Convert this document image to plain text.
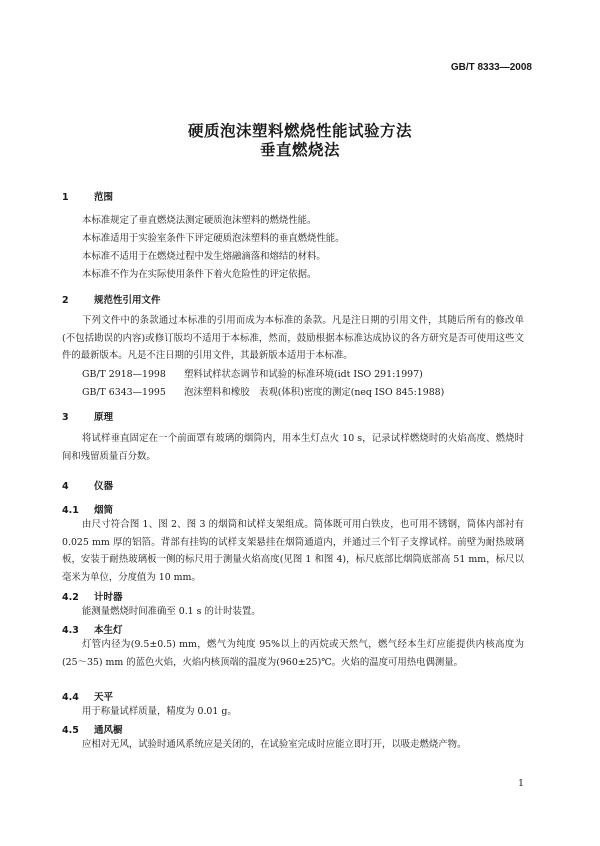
GB/T 8333—2008
硬质泡沫塑料燃烧性能试验方法
垂直燃烧法
1	范围
本标准规定了垂直燃烧法测定硬质泡沫塑料的燃烧性能。
本标准适用于实验室条件下评定硬质泡沫塑料的垂直燃烧性能。
本标准不适用于在燃烧过程中发生熔融滴落和熔结的材料。
本标准不作为在实际使用条件下着火危险性的评定依据。
2	规范性引用文件
下列文件中的条款通过本标准的引用而成为本标准的条款。凡是注日期的引用文件，其随后所有的修改单(不包括勘误的内容)或修订版均不适用于本标准，然而，鼓励根据本标准达成协议的各方研究是否可使用这些文件的最新版本。凡是不注日期的引用文件，其最新版本适用于本标准。
GB/T 2918—1998 塑料试样状态调节和试验的标准环境(idt ISO 291:1997)
GB/T 6343—1995 泡沫塑料和橡胶　表观(体积)密度的测定(neq ISO 845:1988)
3	原理
将试样垂直固定在一个前面罩有玻璃的烟筒内，用本生灯点火 10 s，记录试样燃烧时的火焰高度、燃烧时间和残留质量百分数。
4	仪器
4.1 烟筒
由尺寸符合图 1、图 2、图 3 的烟筒和试样支架组成。筒体既可用白铁皮，也可用不锈钢，筒体内部衬有 0.025 mm 厚的铝箔。背部有挂钩的试样支架悬挂在烟筒通道内，并通过三个钉子支撑试样。前壁为耐热玻璃板，安装于耐热玻璃板一侧的标尺用于测量火焰高度(见图 1 和图 4)，标尺底部比烟筒底部高 51 mm，标尺以毫米为单位，分度值为 10 mm。
4.2 计时器
能测量燃烧时间准确至 0.1 s 的计时装置。
4.3 本生灯
灯管内径为(9.5±0.5) mm，燃气为纯度 95%以上的丙烷或天然气，燃气经本生灯应能提供内核高度为(25～35) mm 的蓝色火焰，火焰内核顶端的温度为(960±25)℃。火焰的温度可用热电偶测量。
4.4 天平
用于称量试样质量，精度为 0.01 g。
4.5 通风橱
应相对无风，试验时通风系统应是关闭的，在试验室完成时应能立即打开，以吸走燃烧产物。
1
